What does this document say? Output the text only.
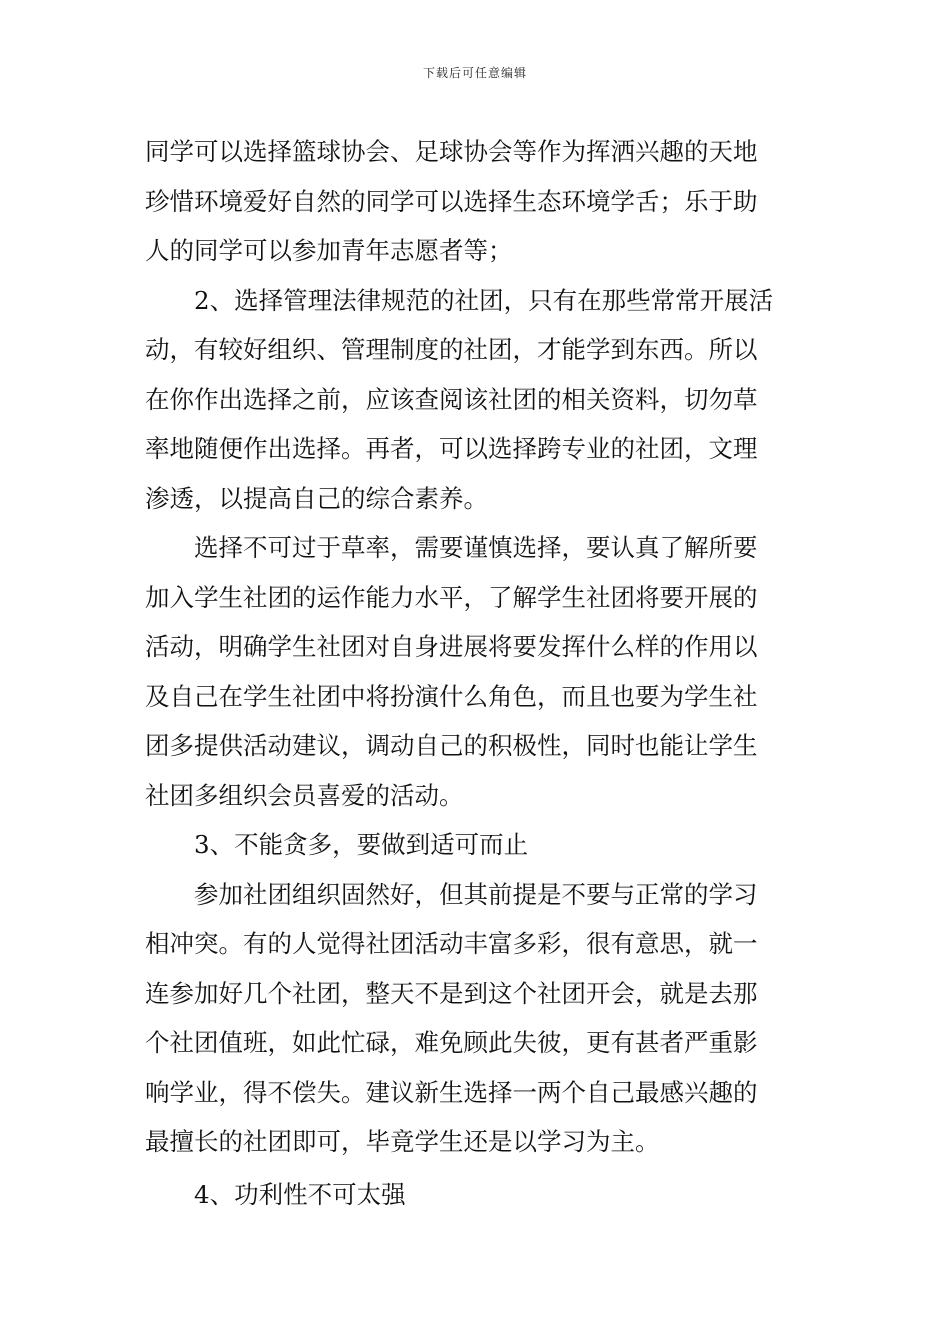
下载后可任意编辑
同学可以选择篮球协会、足球协会等作为挥洒兴趣的天地
珍惜环境爱好自然的同学可以选择生态环境学舌；乐于助
人的同学可以参加青年志愿者等；
2、选择管理法律规范的社团，只有在那些常常开展活
动，有较好组织、管理制度的社团，才能学到东西。所以
在你作出选择之前，应该查阅该社团的相关资料，切勿草
率地随便作出选择。再者，可以选择跨专业的社团，文理
渗透，以提高自己的综合素养。
选择不可过于草率，需要谨慎选择，要认真了解所要
加入学生社团的运作能力水平，了解学生社团将要开展的
活动，明确学生社团对自身进展将要发挥什么样的作用以
及自己在学生社团中将扮演什么角色，而且也要为学生社
团多提供活动建议，调动自己的积极性，同时也能让学生
社团多组织会员喜爱的活动。
3、不能贪多，要做到适可而止
参加社团组织固然好，但其前提是不要与正常的学习
相冲突。有的人觉得社团活动丰富多彩，很有意思，就一
连参加好几个社团，整天不是到这个社团开会，就是去那
个社团值班，如此忙碌，难免顾此失彼，更有甚者严重影
响学业，得不偿失。建议新生选择一两个自己最感兴趣的
最擅长的社团即可，毕竟学生还是以学习为主。
4、功利性不可太强
